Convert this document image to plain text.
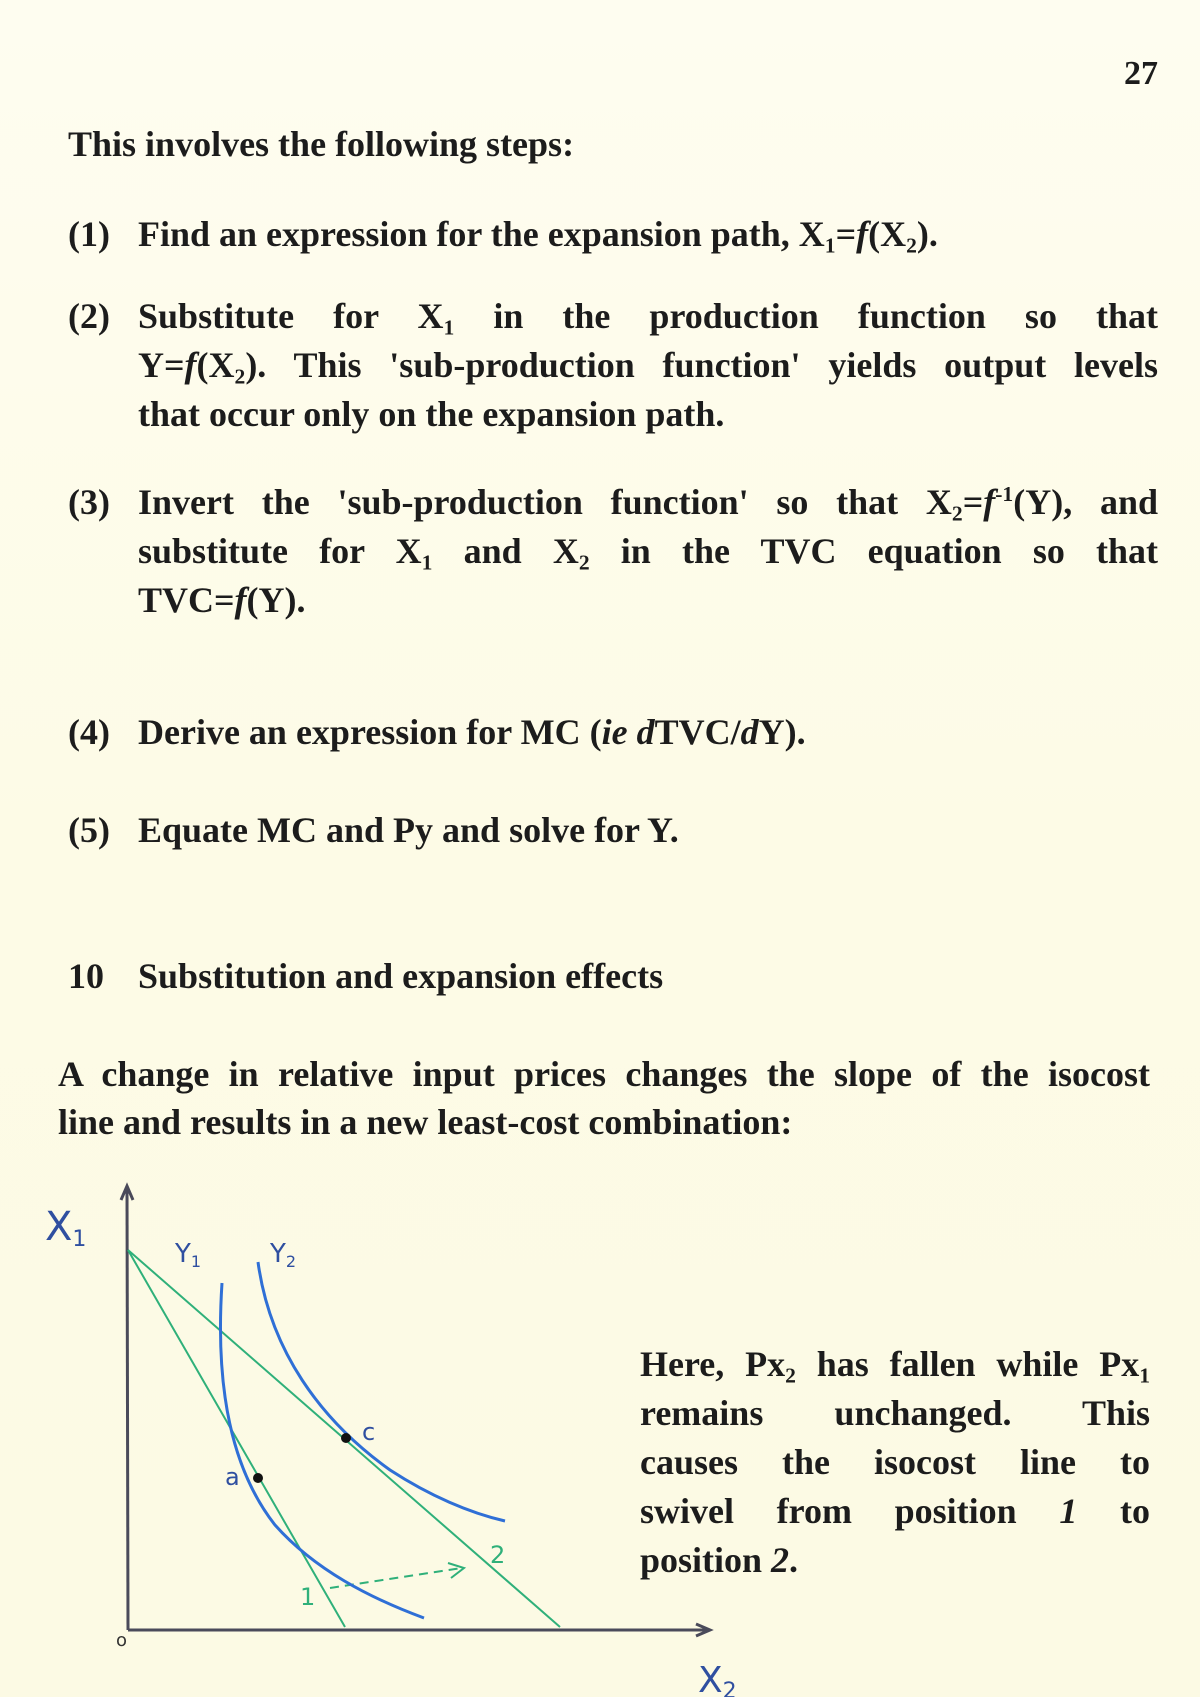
27
This involves the following steps:
(1) Find an expression for the expansion path, $X_1=f(X_2)$.
(2) Substitute for $X_1$ in the production function so that
$Y=f(X_2)$. This 'sub-production function' yields output levels
that occur only on the expansion path.
(3) Invert the 'sub-production function' so that $X_2=f^{-1}(Y)$, and
substitute for $X_1$ and $X_2$ in the TVC equation so that
TVC=f(Y).
(4) Derive an expression for MC (ie dTVC/dY).
(5) Equate MC and Py and solve for Y.
10 Substitution and expansion effects
A change in relative input prices changes the slope of the isocost
line and results in a new least-cost combination:
X1
X2
o
Y1	Y2
a
c
1
2
Here, $Px_2$ has fallen while $Px_1$
remains unchanged. This
causes the isocost line to
swivel from position 1 to
position 2.
